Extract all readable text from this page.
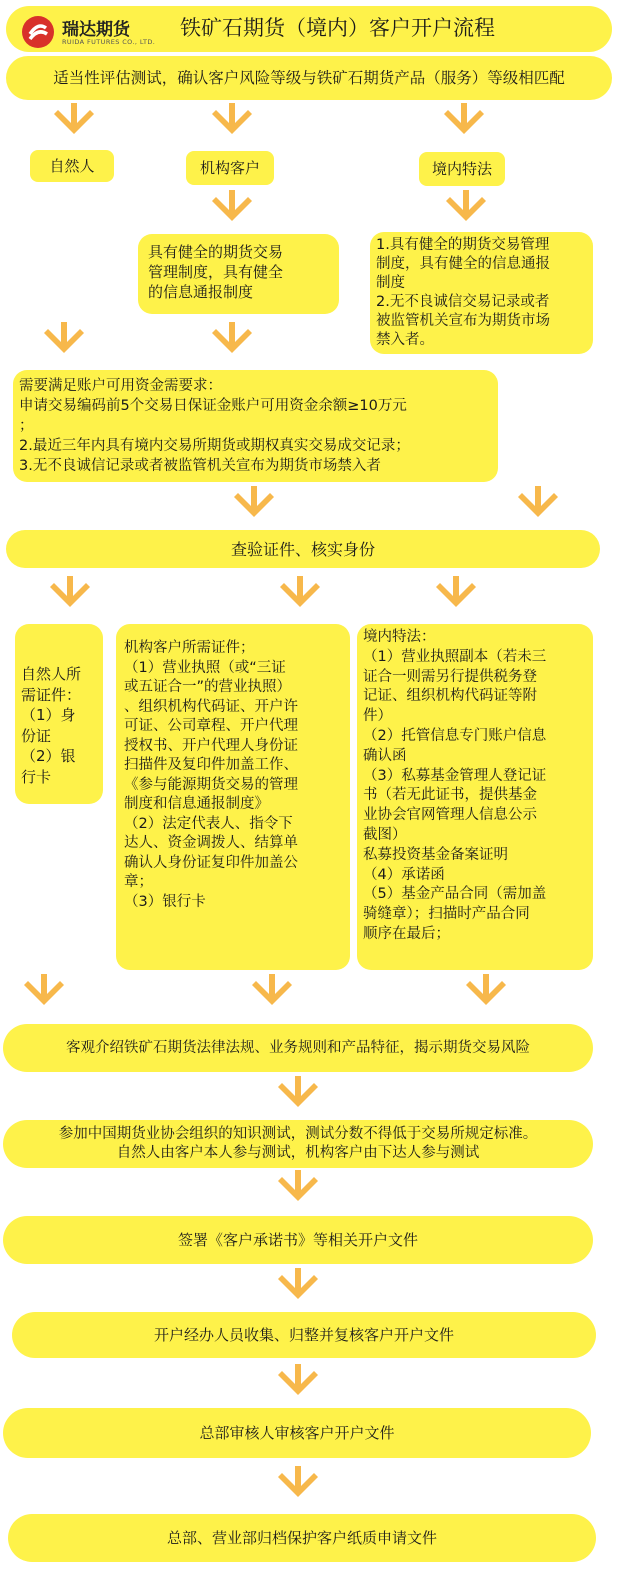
瑞达期货
RUIDA FUTURES CO., LTD.
铁矿石期货（境内）客户开户流程
适当性评估测试，确认客户风险等级与铁矿石期货产品（服务）等级相匹配
自然人	机构客户	境内特法
具有健全的期货交易
管理制度，具有健全
的信息通报制度
1.具有健全的期货交易管理
制度，具有健全的信息通报
制度
2.无不良诚信交易记录或者
被监管机关宣布为期货市场
禁入者。
需要满足账户可用资金需要求：
申请交易编码前5个交易日保证金账户可用资金余额≥10万元
；
2.最近三年内具有境内交易所期货或期权真实交易成交记录；
3.无不良诚信记录或者被监管机关宣布为期货市场禁入者
查验证件、核实身份
自然人所
需证件：
（1）身
份证
（2）银
行卡
机构客户所需证件；
（1）营业执照（或“三证
或五证合一”的营业执照）
、组织机构代码证、开户许
可证、公司章程、开户代理
授权书、开户代理人身份证
扫描件及复印件加盖工作、
《参与能源期货交易的管理
制度和信息通报制度》
（2）法定代表人、指令下
达人、资金调拨人、结算单
确认人身份证复印件加盖公
章；
（3）银行卡
境内特法：
（1）营业执照副本（若未三
证合一则需另行提供税务登
记证、组织机构代码证等附
件）
（2）托管信息专门账户信息
确认函
（3）私募基金管理人登记证
书（若无此证书，提供基金
业协会官网管理人信息公示
截图）
私募投资基金备案证明
（4）承诺函
（5）基金产品合同（需加盖
骑缝章）；扫描时产品合同
顺序在最后；
客观介绍铁矿石期货法律法规、业务规则和产品特征，揭示期货交易风险
参加中国期货业协会组织的知识测试，测试分数不得低于交易所规定标准。
自然人由客户本人参与测试，机构客户由下达人参与测试
签署《客户承诺书》等相关开户文件
开户经办人员收集、归整并复核客户开户文件
总部审核人审核客户开户文件
总部、营业部归档保护客户纸质申请文件
